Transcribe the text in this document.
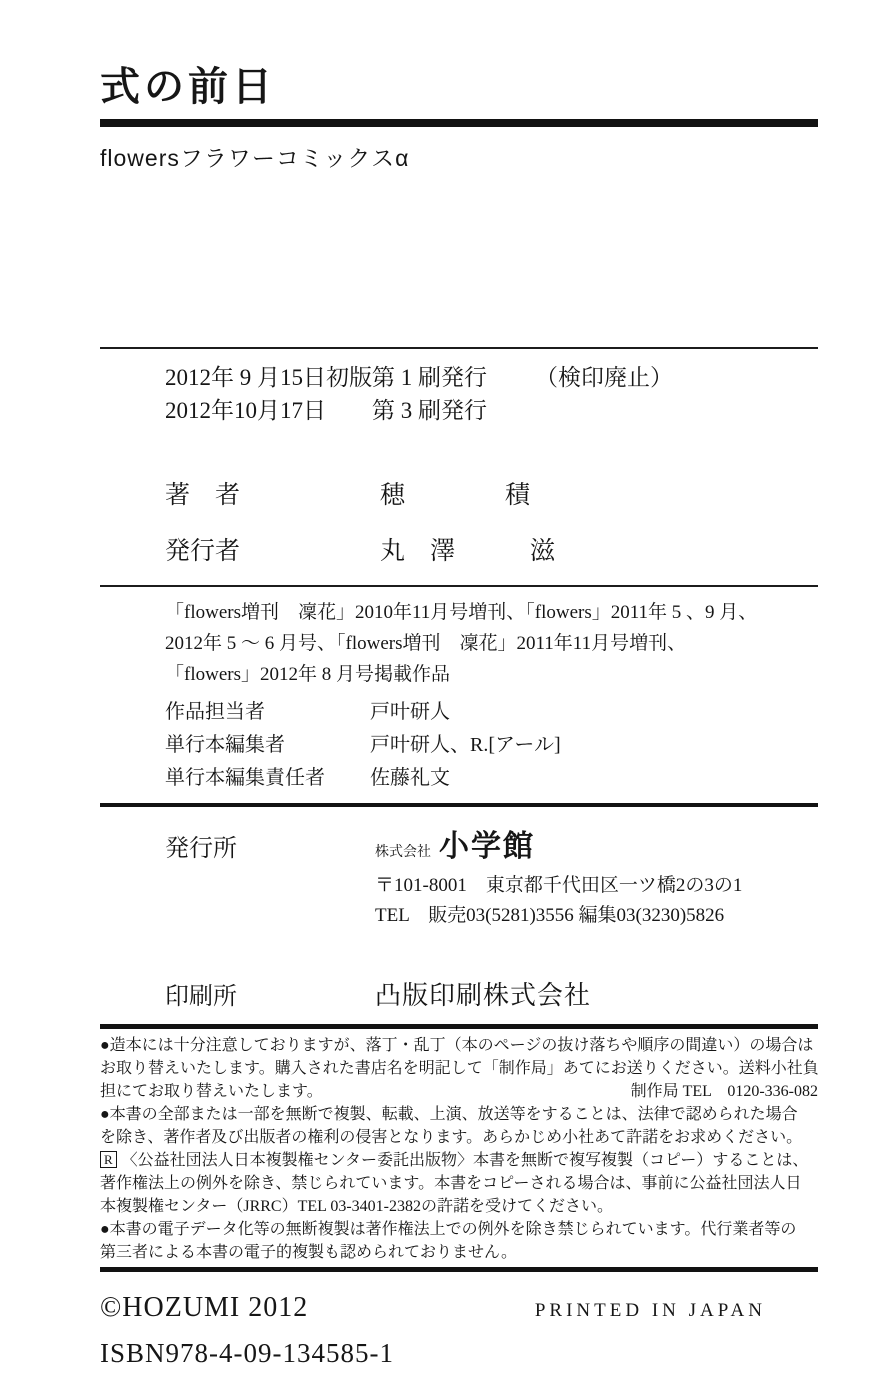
式の前日
flowersフラワーコミックスα
2012年 9 月15日初版第 1 刷発行 （検印廃止）
2012年10月17日 第 3 刷発行
著　者	穂　　　　積
発行者	丸　澤　　　滋
「flowers増刊　凜花」2010年11月号増刊、「flowers」2011年 5 、9 月、
2012年 5 ～ 6 月号、「flowers増刊　凜花」2011年11月号増刊、
「flowers」2012年 8 月号掲載作品
作品担当者	戸叶研人
単行本編集者	戸叶研人、R.[アール]
単行本編集責任者	佐藤礼文
発行所	株式会社 小学館
〒101-8001　東京都千代田区一ツ橋2の3の1
TEL　販売03(5281)3556 編集03(3230)5826
印刷所	凸版印刷株式会社
●造本には十分注意しておりますが、落丁・乱丁（本のページの抜け落ちや順序の間違い）の場合は
お取り替えいたします。購入された書店名を明記して「制作局」あてにお送りください。送料小社負
担にてお取り替えいたします。	制作局 TEL　0120-336-082
●本書の全部または一部を無断で複製、転載、上演、放送等をすることは、法律で認められた場合
を除き、著作者及び出版者の権利の侵害となります。あらかじめ小社あて許諾をお求めください。
R 〈公益社団法人日本複製権センター委託出版物〉本書を無断で複写複製（コピー）することは、
著作権法上の例外を除き、禁じられています。本書をコピーされる場合は、事前に公益社団法人日
本複製権センター（JRRC）TEL 03-3401-2382の許諾を受けてください。
●本書の電子データ化等の無断複製は著作権法上での例外を除き禁じられています。代行業者等の
第三者による本書の電子的複製も認められておりません。
©HOZUMI 2012	PRINTED IN JAPAN
ISBN978-4-09-134585-1
